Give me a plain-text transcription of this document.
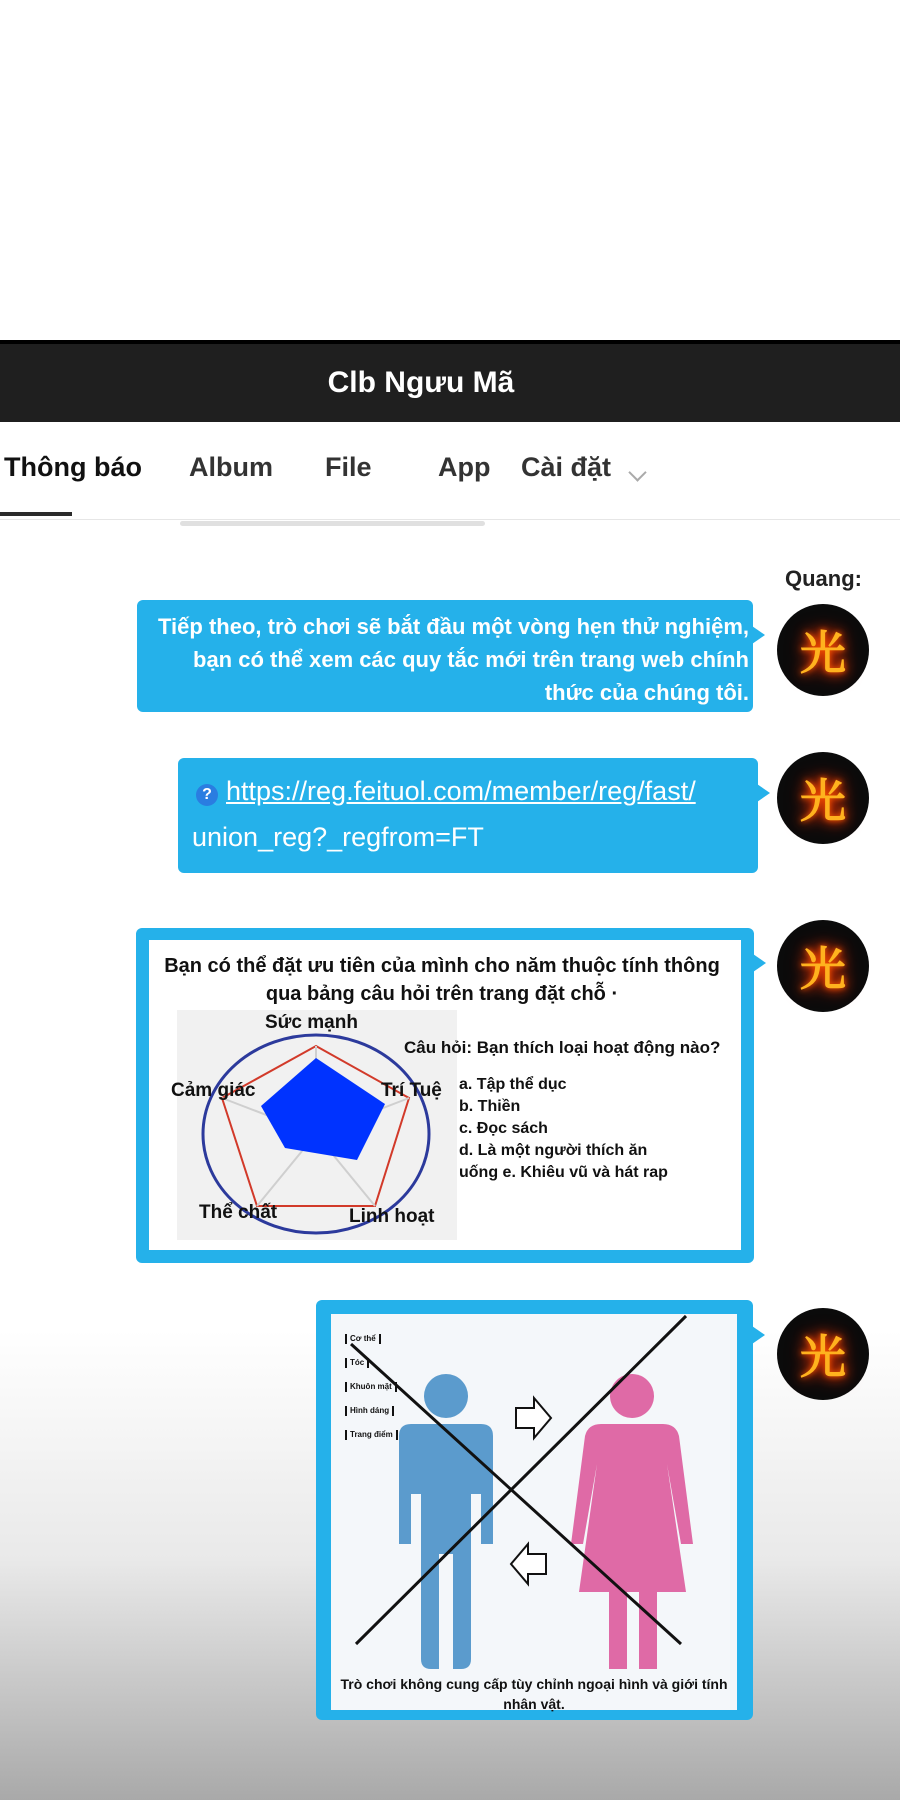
Clb Ngưu Mã
Thông báo Album File App Cài đặt
Quang:
光
Tiếp theo, trò chơi sẽ bắt đầu một vòng hẹn thử nghiệm, bạn có thể xem các quy tắc mới trên trang web chính thức của chúng tôi.
光
? https://reg.feituol.com/member/reg/fast/
union_reg?_regfrom=FT
光
Bạn có thể đặt ưu tiên của mình cho năm thuộc tính thông qua bảng câu hỏi trên trang đặt chỗ ·
Sức mạnh
Trí Tuệ
Linh hoạt
Thể chất
Cảm giác
Câu hỏi: Bạn thích loại hoạt động nào?
a. Tập thể dục
b. Thiền
c. Đọc sách
d. Là một người thích ăn uống e. Khiêu vũ và hát rap
光
Cơ thể
Tóc
Khuôn mặt
Hình dáng
Trang điểm
Trò chơi không cung cấp tùy chỉnh ngoại hình và giới tính nhân vật.
